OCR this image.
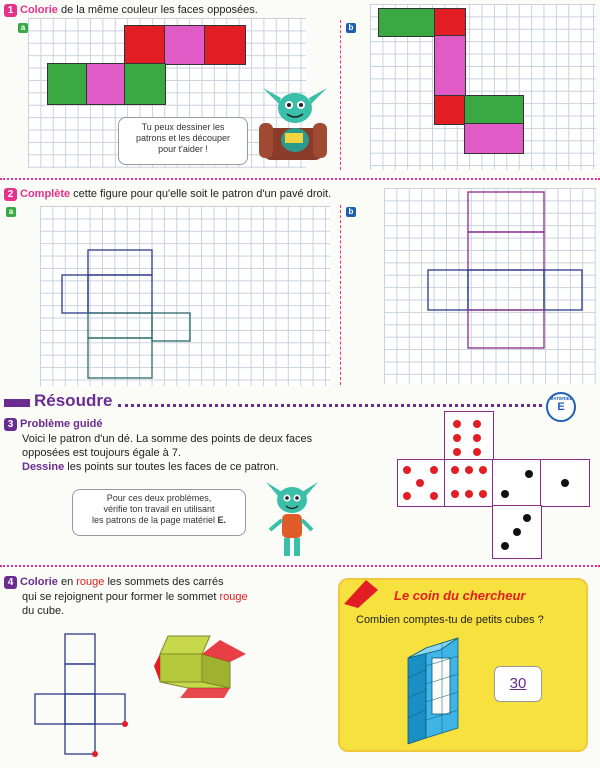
1 Colorie de la même couleur les faces opposées.
a	b
Tu peux dessiner les
patrons et les découper
pour t'aider !
2 Complète cette figure pour qu'elle soit le patron d'un pavé droit.
a	b
Résoudre	MATÉRIEL
E
3 Problème guidé
Voici le patron d'un dé. La somme des points de deux faces
opposées est toujours égale à 7.
Dessine les points sur toutes les faces de ce patron.
Pour ces deux problèmes,
vérifie ton travail en utilisant
les patrons de la page matériel E.
4 Colorie en rouge les sommets des carrés
qui se rejoignent pour former le sommet rouge
du cube.
Le coin du chercheur
Combien comptes-tu de petits cubes ?
30
